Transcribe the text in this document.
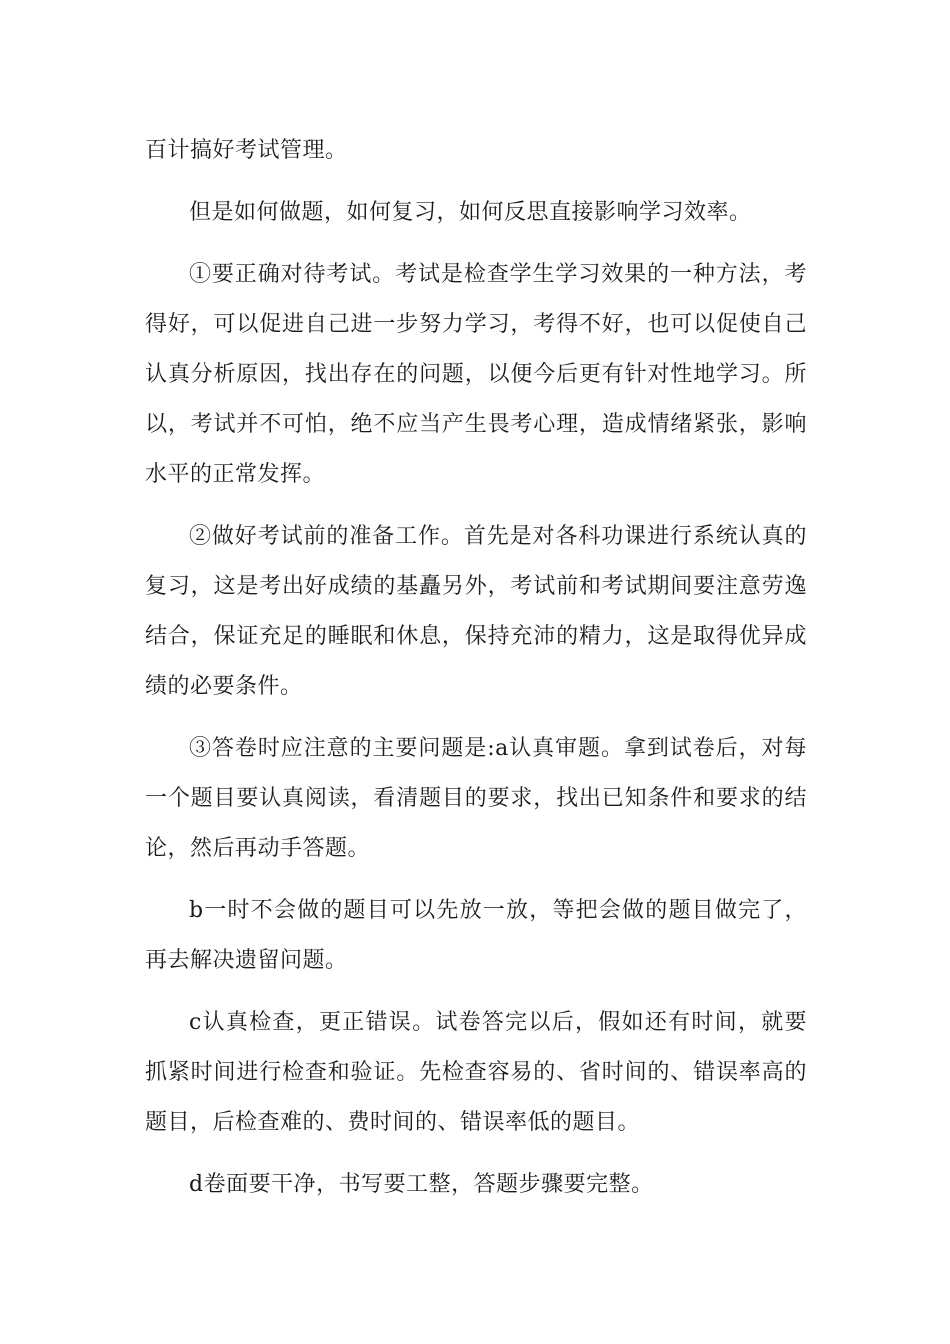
百计搞好考试管理。

但是如何做题，如何复习，如何反思直接影响学习效率。

①要正确对待考试。考试是检查学生学习效果的一种方法，考得好，可以促进自己进一步努力学习，考得不好，也可以促使自己认真分析原因，找出存在的问题，以便今后更有针对性地学习。所以，考试并不可怕，绝不应当产生畏考心理，造成情绪紧张，影响水平的正常发挥。

②做好考试前的准备工作。首先是对各科功课进行系统认真的复习，这是考出好成绩的基矗另外，考试前和考试期间要注意劳逸结合，保证充足的睡眠和休息，保持充沛的精力，这是取得优异成绩的必要条件。

③答卷时应注意的主要问题是:a认真审题。拿到试卷后，对每一个题目要认真阅读，看清题目的要求，找出已知条件和要求的结论，然后再动手答题。

b一时不会做的题目可以先放一放，等把会做的题目做完了，再去解决遗留问题。

c认真检查，更正错误。试卷答完以后，假如还有时间，就要抓紧时间进行检查和验证。先检查容易的、省时间的、错误率高的题目，后检查难的、费时间的、错误率低的题目。

d卷面要干净，书写要工整，答题步骤要完整。
